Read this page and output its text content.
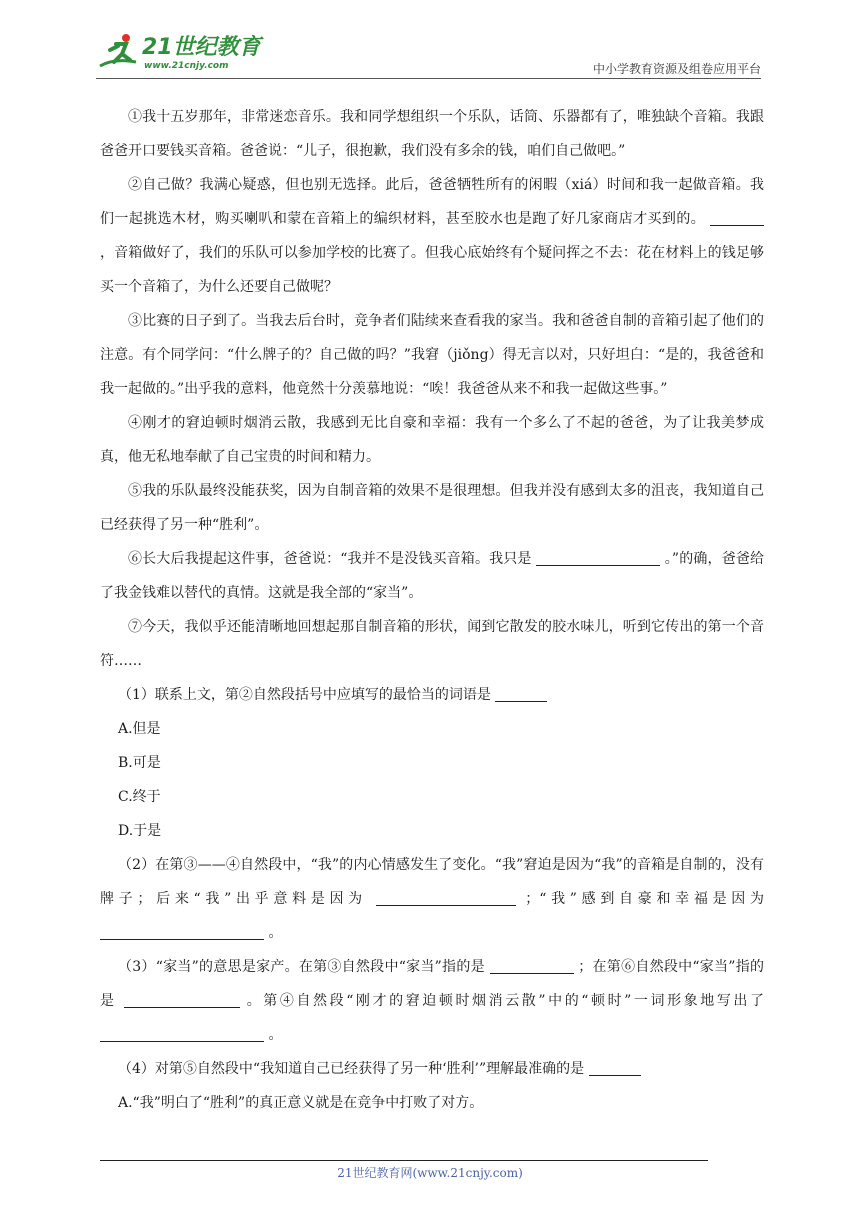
21世纪教育
www.21cnjy.com	中小学教育资源及组卷应用平台

①我十五岁那年，非常迷恋音乐。我和同学想组织一个乐队，话筒、乐器都有了，唯独缺个音箱。我跟爸爸开口要钱买音箱。爸爸说：“儿子，很抱歉，我们没有多余的钱，咱们自己做吧。”

②自己做？我满心疑惑，但也别无选择。此后，爸爸牺牲所有的闲暇（xiá）时间和我一起做音箱。我们一起挑选木材，购买喇叭和蒙在音箱上的编织材料，甚至胶水也是跑了好几家商店才买到的。  ，音箱做好了，我们的乐队可以参加学校的比赛了。但我心底始终有个疑问挥之不去：花在材料上的钱足够买一个音箱了，为什么还要自己做呢？

③比赛的日子到了。当我去后台时，竞争者们陆续来查看我的家当。我和爸爸自制的音箱引起了他们的注意。有个同学问：“什么牌子的？自己做的吗？”我窘（jiǒng）得无言以对，只好坦白：“是的，我爸爸和我一起做的。”出乎我的意料，他竟然十分羡慕地说：“唉！我爸爸从来不和我一起做这些事。”

④刚才的窘迫顿时烟消云散，我感到无比自豪和幸福：我有一个多么了不起的爸爸，为了让我美梦成真，他无私地奉献了自己宝贵的时间和精力。

⑤我的乐队最终没能获奖，因为自制音箱的效果不是很理想。但我并没有感到太多的沮丧，我知道自己已经获得了另一种“胜利”。

⑥长大后我提起这件事，爸爸说：“我并不是没钱买音箱。我只是	。”的确，爸爸给了我金钱难以替代的真情。这就是我全部的“家当”。

⑦今天，我似乎还能清晰地回想起那自制音箱的形状，闻到它散发的胶水味儿，听到它传出的第一个音符……

（1）联系上文，第②自然段括号中应填写的最恰当的词语是
A.但是
B.可是
C.终于
D.于是
（2）在第③——④自然段中，“我”的内心情感发生了变化。“我”窘迫是因为“我”的音箱是自制的，没有牌子；后来“我”出乎意料是因为	；“我”感到自豪和幸福是因为  。
（3）“家当”的意思是家产。在第③自然段中“家当”指的是	；在第⑥自然段中“家当”指的是	。第④自然段“刚才的窘迫顿时烟消云散”中的“顿时”一词形象地写出了  。
（4）对第⑤自然段中“我知道自己已经获得了另一种‘胜利’”理解最准确的是
A.“我”明白了“胜利”的真正意义就是在竞争中打败了对方。
21世纪教育网(www.21cnjy.com)
